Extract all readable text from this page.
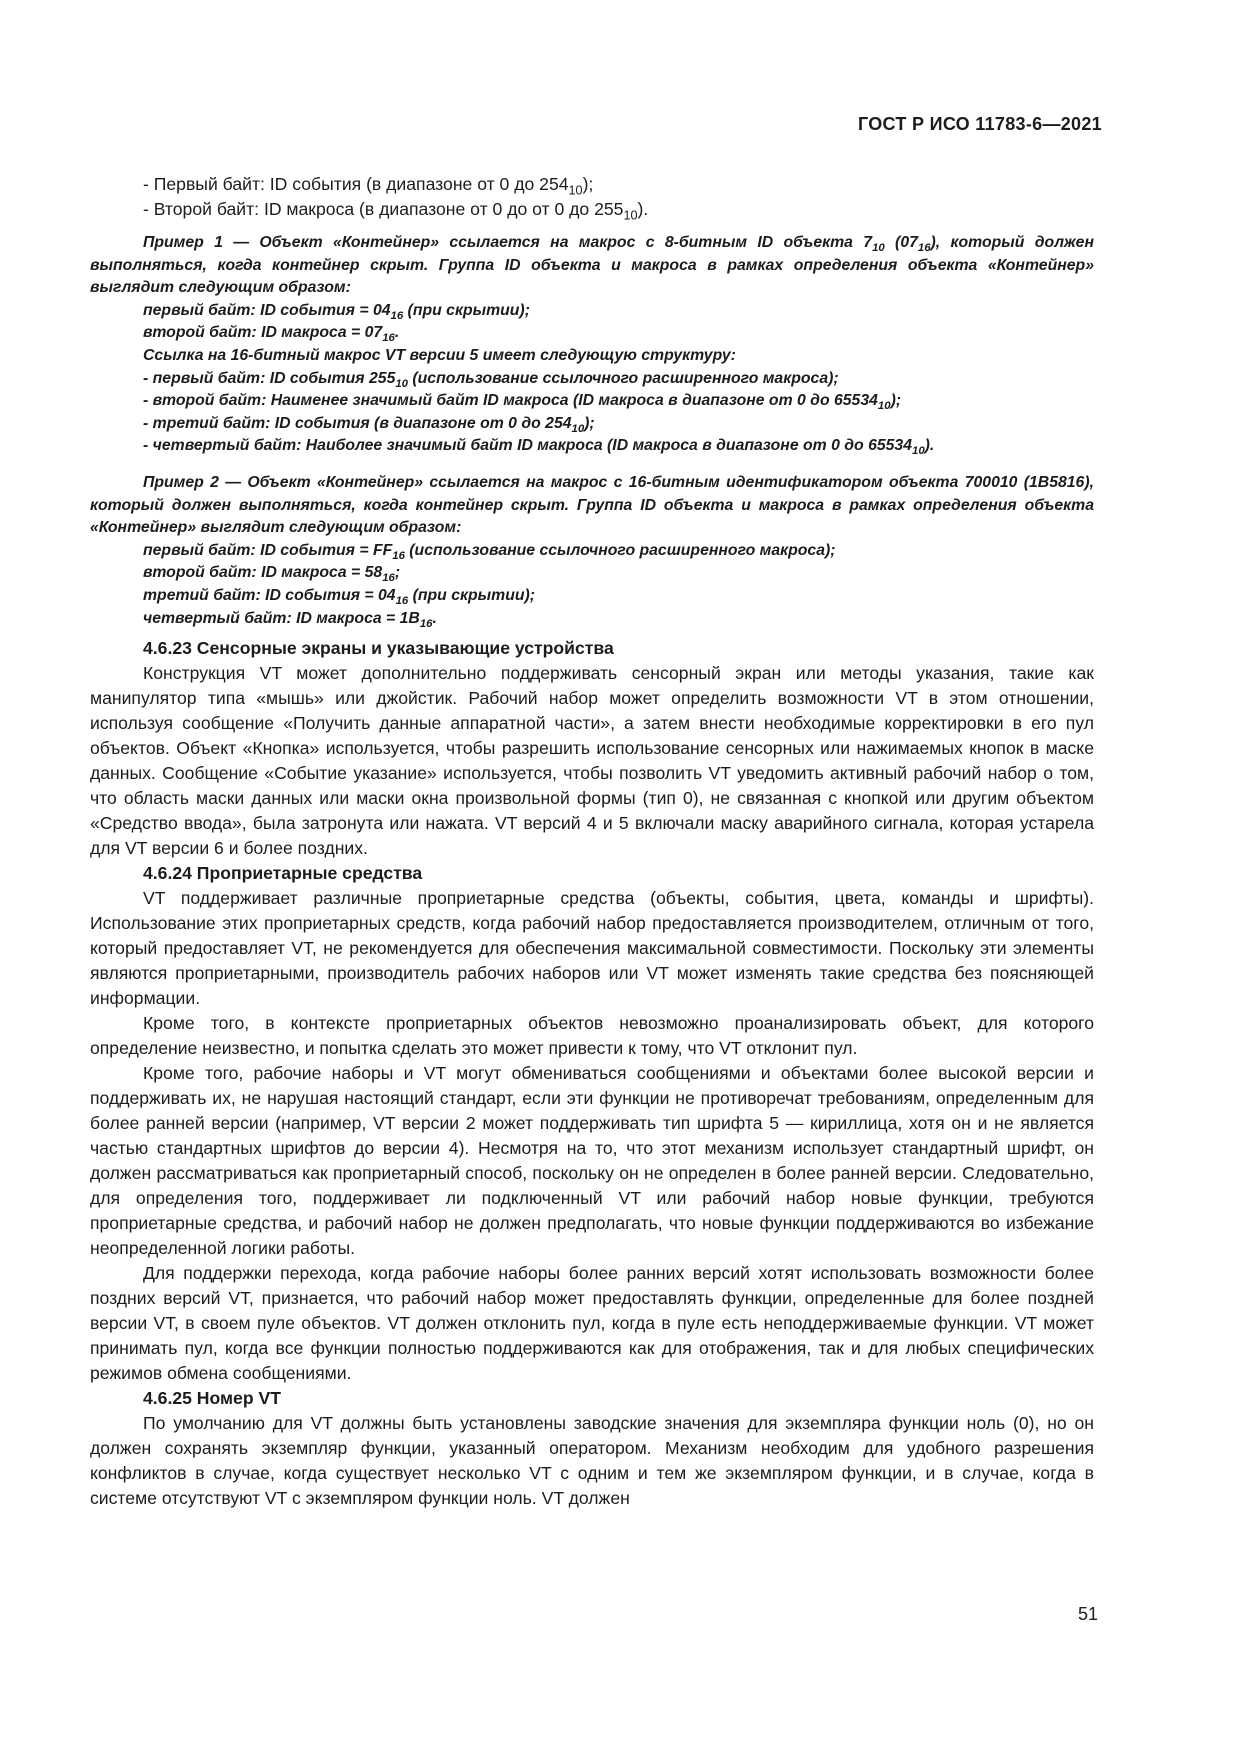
ГОСТ Р ИСО 11783-6—2021

- Первый байт: ID события (в диапазоне от 0 до $254_{10}$);

- Второй байт: ID макроса (в диапазоне от 0 до от 0 до $255_{10}$).

Пример 1 — Объект «Контейнер» ссылается на макрос с 8-битным ID объекта $7_{10}$ $(07_{16})$, который должен выполняться, когда контейнер скрыт. Группа ID объекта и макроса в рамках определения объекта «Контейнер» выглядит следующим образом:

первый байт: ID события = $04_{16}$ (при скрытии);

второй байт: ID макроса = $07_{16}$.

Ссылка на 16-битный макрос VT версии 5 имеет следующую структуру:

- первый байт: ID события $255_{10}$ (использование ссылочного расширенного макроса);

- второй байт: Наименее значимый байт ID макроса (ID макроса в диапазоне от 0 до $65534_{10}$);

- третий байт: ID события (в диапазоне от 0 до $254_{10}$);

- четвертый байт: Наиболее значимый байт ID макроса (ID макроса в диапазоне от 0 до $65534_{10}$).

Пример 2 — Объект «Контейнер» ссылается на макрос с 16-битным идентификатором объекта 700010 (1B5816), который должен выполняться, когда контейнер скрыт. Группа ID объекта и макроса в рамках определения объекта «Контейнер» выглядит следующим образом:

первый байт: ID события = $FF_{16}$ (использование ссылочного расширенного макроса);

второй байт: ID макроса = $58_{16}$;

третий байт: ID события = $04_{16}$ (при скрытии);

четвертый байт: ID макроса = $1B_{16}$.

4.6.23 Сенсорные экраны и указывающие устройства

Конструкция VT может дополнительно поддерживать сенсорный экран или методы указания, такие как манипулятор типа «мышь» или джойстик. Рабочий набор может определить возможности VT в этом отношении, используя сообщение «Получить данные аппаратной части», а затем внести необходимые корректировки в его пул объектов. Объект «Кнопка» используется, чтобы разрешить использование сенсорных или нажимаемых кнопок в маске данных. Сообщение «Событие указание» используется, чтобы позволить VT уведомить активный рабочий набор о том, что область маски данных или маски окна произвольной формы (тип 0), не связанная с кнопкой или другим объектом «Средство ввода», была затронута или нажата. VT версий 4 и 5 включали маску аварийного сигнала, которая устарела для VT версии 6 и более поздних.

4.6.24 Проприетарные средства

VT поддерживает различные проприетарные средства (объекты, события, цвета, команды и шрифты). Использование этих проприетарных средств, когда рабочий набор предоставляется производителем, отличным от того, который предоставляет VT, не рекомендуется для обеспечения максимальной совместимости. Поскольку эти элементы являются проприетарными, производитель рабочих наборов или VT может изменять такие средства без поясняющей информации.

Кроме того, в контексте проприетарных объектов невозможно проанализировать объект, для которого определение неизвестно, и попытка сделать это может привести к тому, что VT отклонит пул.

Кроме того, рабочие наборы и VT могут обмениваться сообщениями и объектами более высокой версии и поддерживать их, не нарушая настоящий стандарт, если эти функции не противоречат требованиям, определенным для более ранней версии (например, VT версии 2 может поддерживать тип шрифта 5 — кириллица, хотя он и не является частью стандартных шрифтов до версии 4). Несмотря на то, что этот механизм использует стандартный шрифт, он должен рассматриваться как проприетарный способ, поскольку он не определен в более ранней версии. Следовательно, для определения того, поддерживает ли подключенный VT или рабочий набор новые функции, требуются проприетарные средства, и рабочий набор не должен предполагать, что новые функции поддерживаются во избежание неопределенной логики работы.

Для поддержки перехода, когда рабочие наборы более ранних версий хотят использовать возможности более поздних версий VT, признается, что рабочий набор может предоставлять функции, определенные для более поздней версии VT, в своем пуле объектов. VT должен отклонить пул, когда в пуле есть неподдерживаемые функции. VT может принимать пул, когда все функции полностью поддерживаются как для отображения, так и для любых специфических режимов обмена сообщениями.

4.6.25 Номер VT

По умолчанию для VT должны быть установлены заводские значения для экземпляра функции ноль (0), но он должен сохранять экземпляр функции, указанный оператором. Механизм необходим для удобного разрешения конфликтов в случае, когда существует несколько VT с одним и тем же экземпляром функции, и в случае, когда в системе отсутствуют VT с экземпляром функции ноль. VT должен

51
